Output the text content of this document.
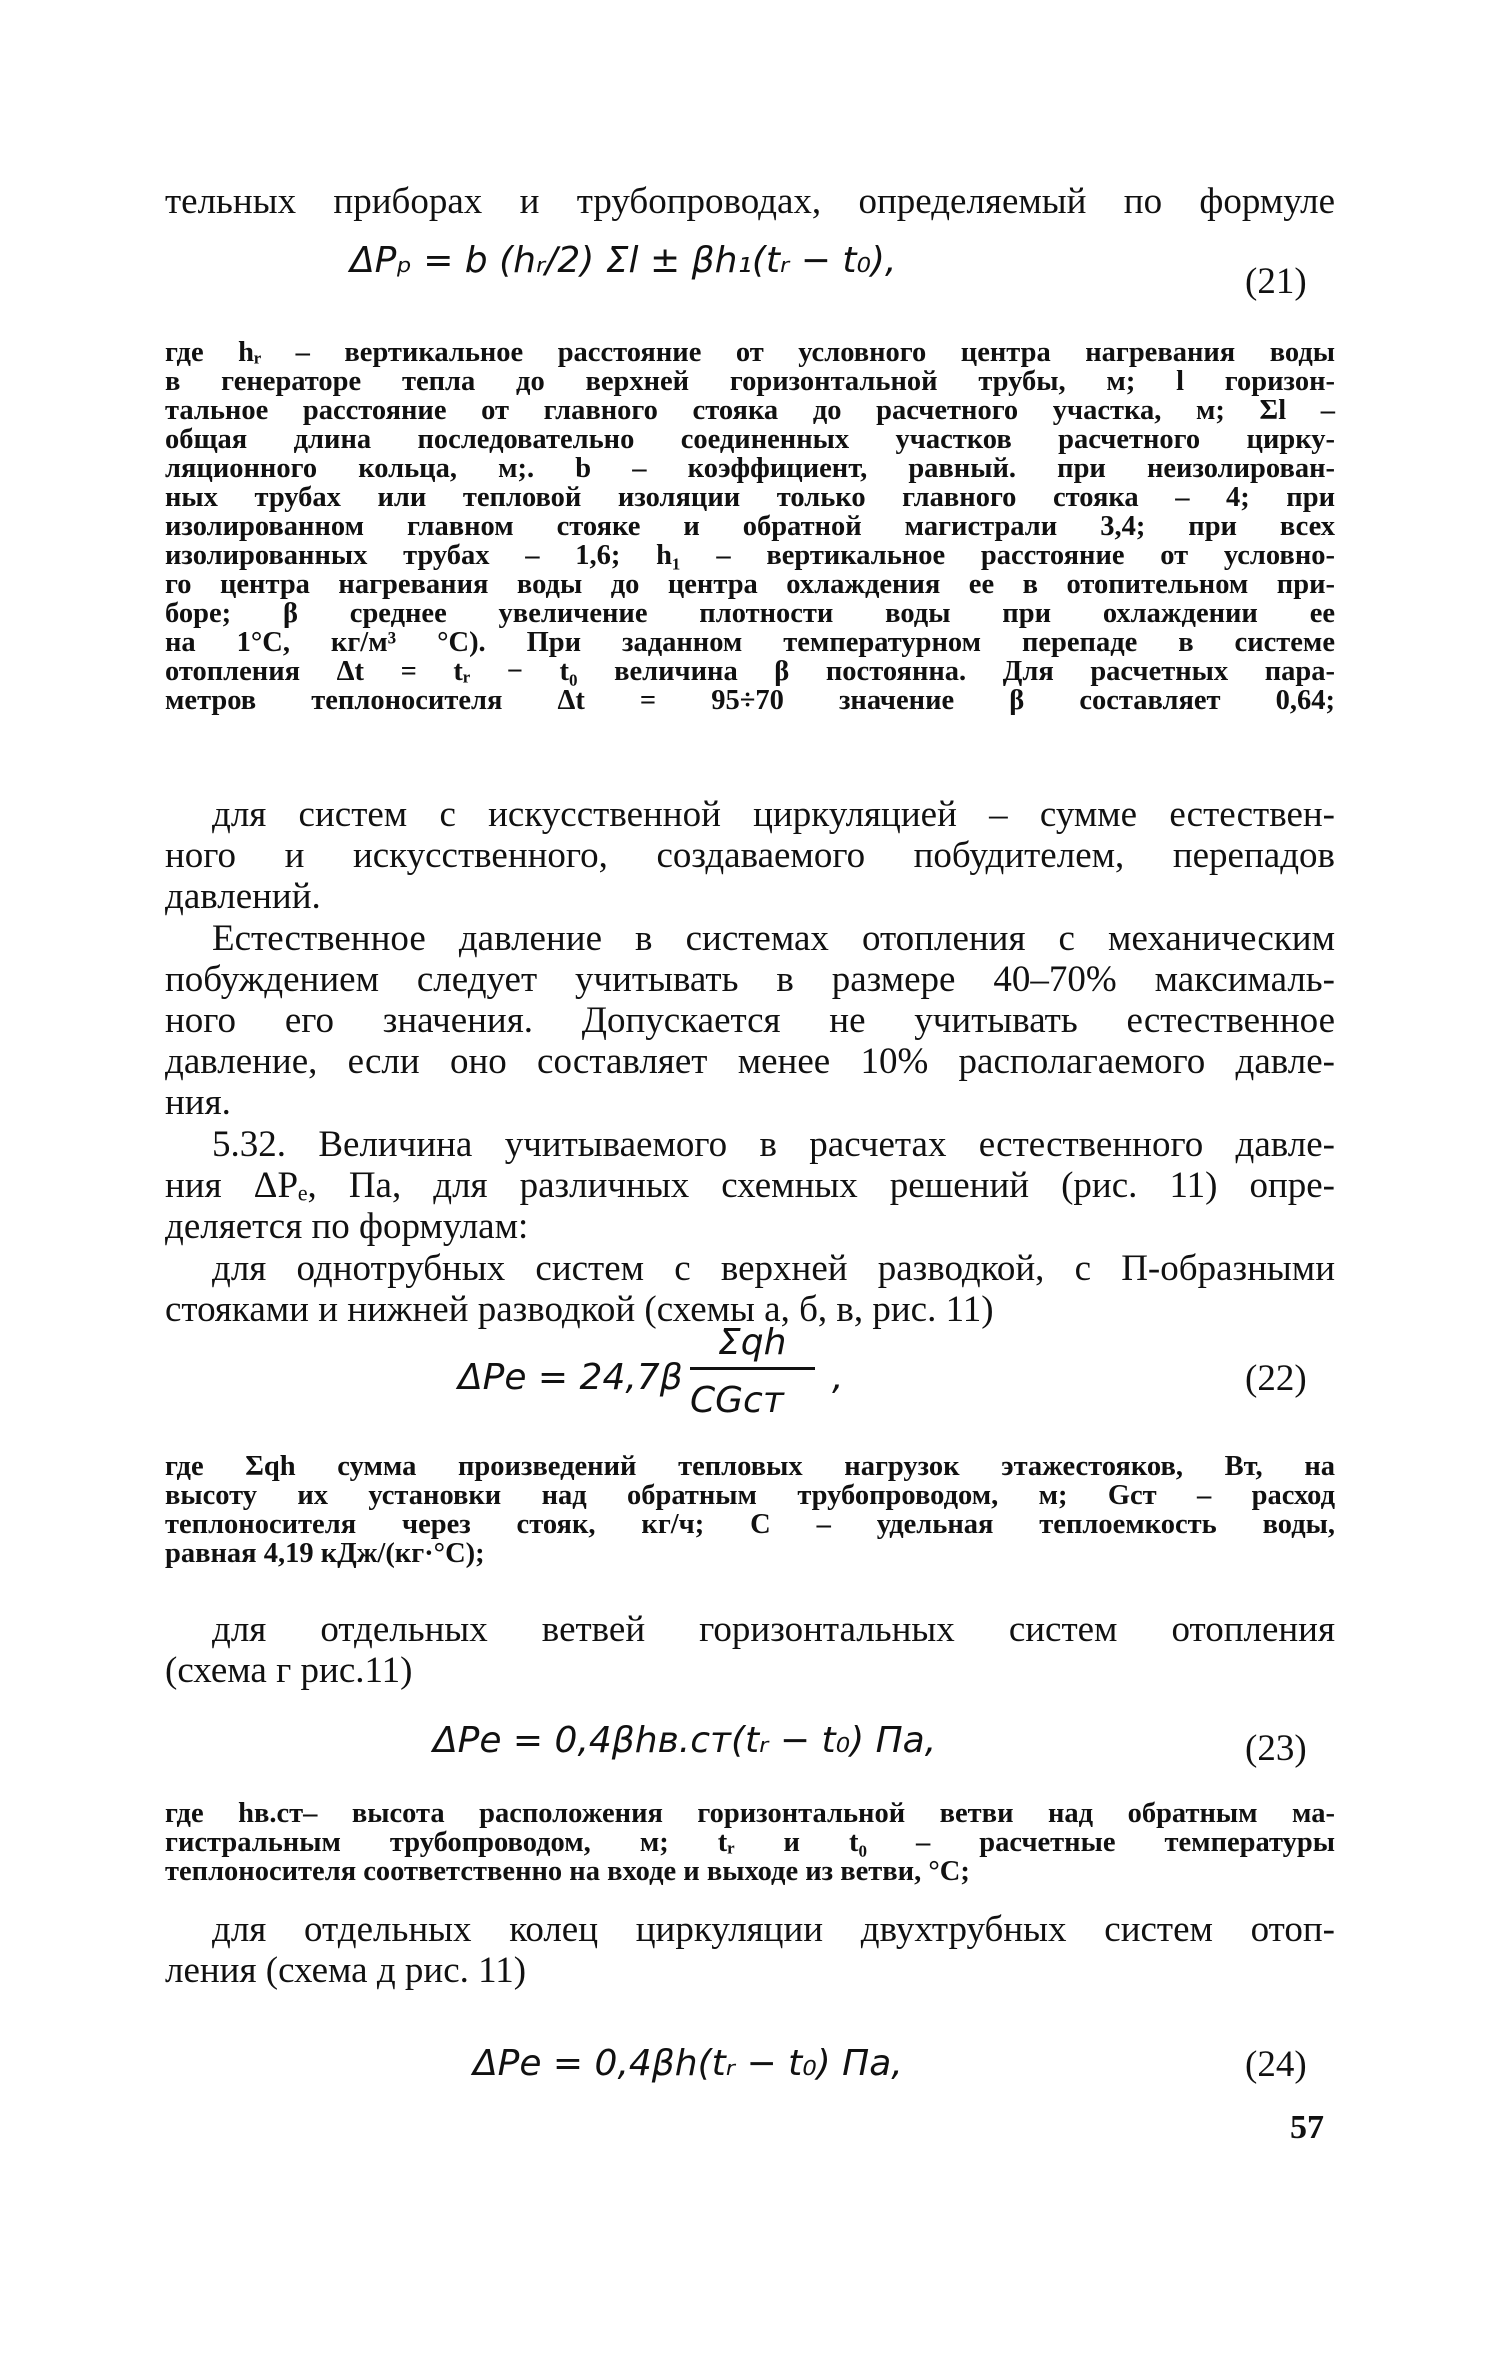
тельных приборах и трубопроводах, определяемый по формуле
ΔPₚ = b (hᵣ/2) Σl ± βh₁(tᵣ − t₀),
(21)
где hᵣ – вертикальное расстояние от условного центра нагревания воды
в генераторе тепла до верхней горизонтальной трубы, м; l горизон-
тальное расстояние от главного стояка до расчетного участка, м; Σl –
общая длина последовательно соединенных участков расчетного цирку-
ляционного кольца, м;. b – коэффициент, равный. при неизолирован-
ных трубах или тепловой изоляции только главного стояка – 4; при
изолированном главном стояке и обратной магистрали 3,4; при всех
изолированных трубах – 1,6; h₁ – вертикальное расстояние от условно-
го центра нагревания воды до центра охлаждения ее в отопительном при-
боре; β среднее увеличение плотности воды при охлаждении ее
на 1°С, кг/м³ °С). При заданном температурном перепаде в системе
отопления Δt = tᵣ − t₀ величина β постоянна. Для расчетных пара-
метров теплоносителя Δt = 95÷70 значение β составляет 0,64;
для систем с искусственной циркуляцией – сумме естествен-
ного и искусственного, создаваемого побудителем, перепадов
давлений.
Естественное давление в системах отопления с механическим
побуждением следует учитывать в размере 40–70% максималь-
ного его значения. Допускается не учитывать естественное
давление, если оно составляет менее 10% располагаемого давле-
ния.
5.32. Величина учитываемого в расчетах естественного давле-
ния ΔPₑ, Па, для различных схемных решений (рис. 11) опре-
деляется по формулам:
для однотрубных систем с верхней разводкой, с П-образными
стояками и нижней разводкой (схемы а, б, в, рис. 11)
ΔPe = 24,7β
Σqh
CGст
,	(22)
где Σqh сумма произведений тепловых нагрузок этажестояков, Вт, на
высоту их установки над обратным трубопроводом, м; Gст – расход
теплоносителя через стояк, кг/ч; C – удельная теплоемкость воды,
равная 4,19 кДж/(кг·°С);
для отдельных ветвей горизонтальных систем отопления
(схема г рис.11)
ΔPe = 0,4βhв.ст(tᵣ − t₀) Па,	(23)
где hв.ст– высота расположения горизонтальной ветви над обратным ма-
гистральным трубопроводом, м; tᵣ и t₀ – расчетные температуры
теплоносителя соответственно на входе и выходе из ветви, °С;
для отдельных колец циркуляции двухтрубных систем отоп-
ления (схема д рис. 11)
ΔPe = 0,4βh(tᵣ − t₀) Па,	(24)
57
